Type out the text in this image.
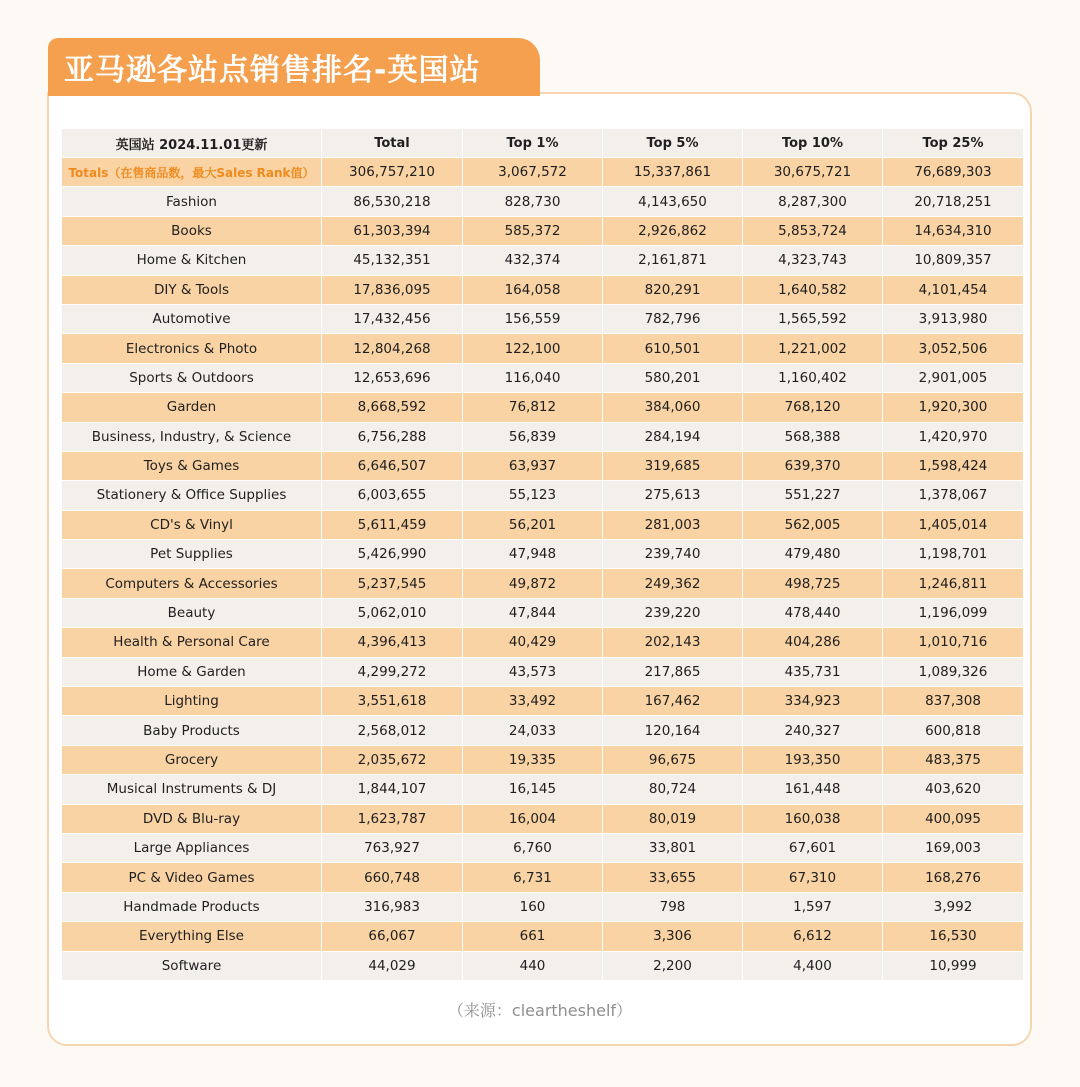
亚马逊各站点销售排名-英国站
英国站 2024.11.01更新	Total	Top 1%	Top 5%	Top 10%	Top 25%
Totals（在售商品数，最大Sales Rank值）	306,757,210	3,067,572	15,337,861	30,675,721	76,689,303
Fashion	86,530,218	828,730	4,143,650	8,287,300	20,718,251
Books	61,303,394	585,372	2,926,862	5,853,724	14,634,310
Home & Kitchen	45,132,351	432,374	2,161,871	4,323,743	10,809,357
DIY & Tools	17,836,095	164,058	820,291	1,640,582	4,101,454
Automotive	17,432,456	156,559	782,796	1,565,592	3,913,980
Electronics & Photo	12,804,268	122,100	610,501	1,221,002	3,052,506
Sports & Outdoors	12,653,696	116,040	580,201	1,160,402	2,901,005
Garden	8,668,592	76,812	384,060	768,120	1,920,300
Business, Industry, & Science	6,756,288	56,839	284,194	568,388	1,420,970
Toys & Games	6,646,507	63,937	319,685	639,370	1,598,424
Stationery & Office Supplies	6,003,655	55,123	275,613	551,227	1,378,067
CD's & Vinyl	5,611,459	56,201	281,003	562,005	1,405,014
Pet Supplies	5,426,990	47,948	239,740	479,480	1,198,701
Computers & Accessories	5,237,545	49,872	249,362	498,725	1,246,811
Beauty	5,062,010	47,844	239,220	478,440	1,196,099
Health & Personal Care	4,396,413	40,429	202,143	404,286	1,010,716
Home & Garden	4,299,272	43,573	217,865	435,731	1,089,326
Lighting	3,551,618	33,492	167,462	334,923	837,308
Baby Products	2,568,012	24,033	120,164	240,327	600,818
Grocery	2,035,672	19,335	96,675	193,350	483,375
Musical Instruments & DJ	1,844,107	16,145	80,724	161,448	403,620
DVD & Blu-ray	1,623,787	16,004	80,019	160,038	400,095
Large Appliances	763,927	6,760	33,801	67,601	169,003
PC & Video Games	660,748	6,731	33,655	67,310	168,276
Handmade Products	316,983	160	798	1,597	3,992
Everything Else	66,067	661	3,306	6,612	16,530
Software	44,029	440	2,200	4,400	10,999
（来源：cleartheshelf）
